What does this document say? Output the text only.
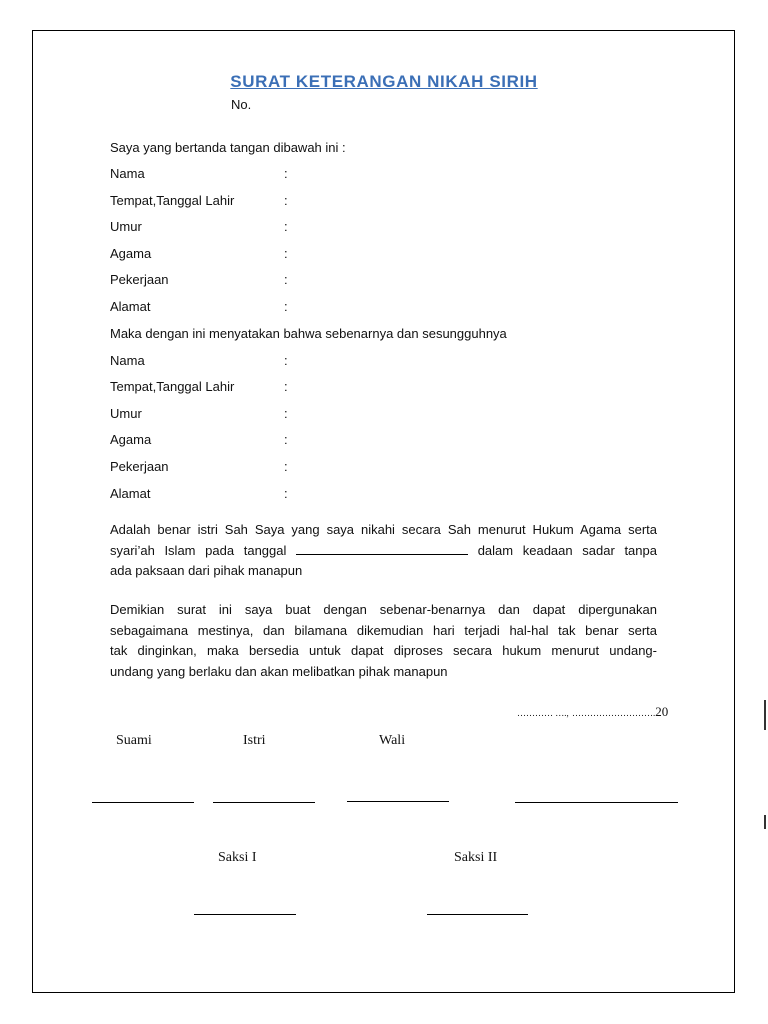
SURAT KETERANGAN NIKAH SIRIH
No.
Saya yang bertanda tangan dibawah ini :
Nama	:
Tempat,Tanggal Lahir	:
Umur	:
Agama	:
Pekerjaan	:
Alamat	:
Maka dengan ini menyatakan bahwa sebenarnya dan sesungguhnya
Nama	:
Tempat,Tanggal Lahir	:
Umur	:
Agama	:
Pekerjaan	:
Alamat	:
Adalah benar istri Sah Saya yang saya nikahi secara Sah menurut Hukum Agama serta
syari’ah Islam pada tanggal	dalam keadaan sadar tanpa
ada paksaan dari pihak manapun
Demikian surat ini saya buat dengan sebenar-benarnya dan dapat dipergunakan
sebagaimana mestinya, dan bilamana dikemudian hari terjadi hal-hal tak benar serta
tak dinginkan, maka bersedia untuk dapat diproses secara hukum menurut undang-
undang yang berlaku dan akan melibatkan pihak manapun
………… …., ……………………….20
Suami	Istri	Wali
Saksi I	Saksi II
